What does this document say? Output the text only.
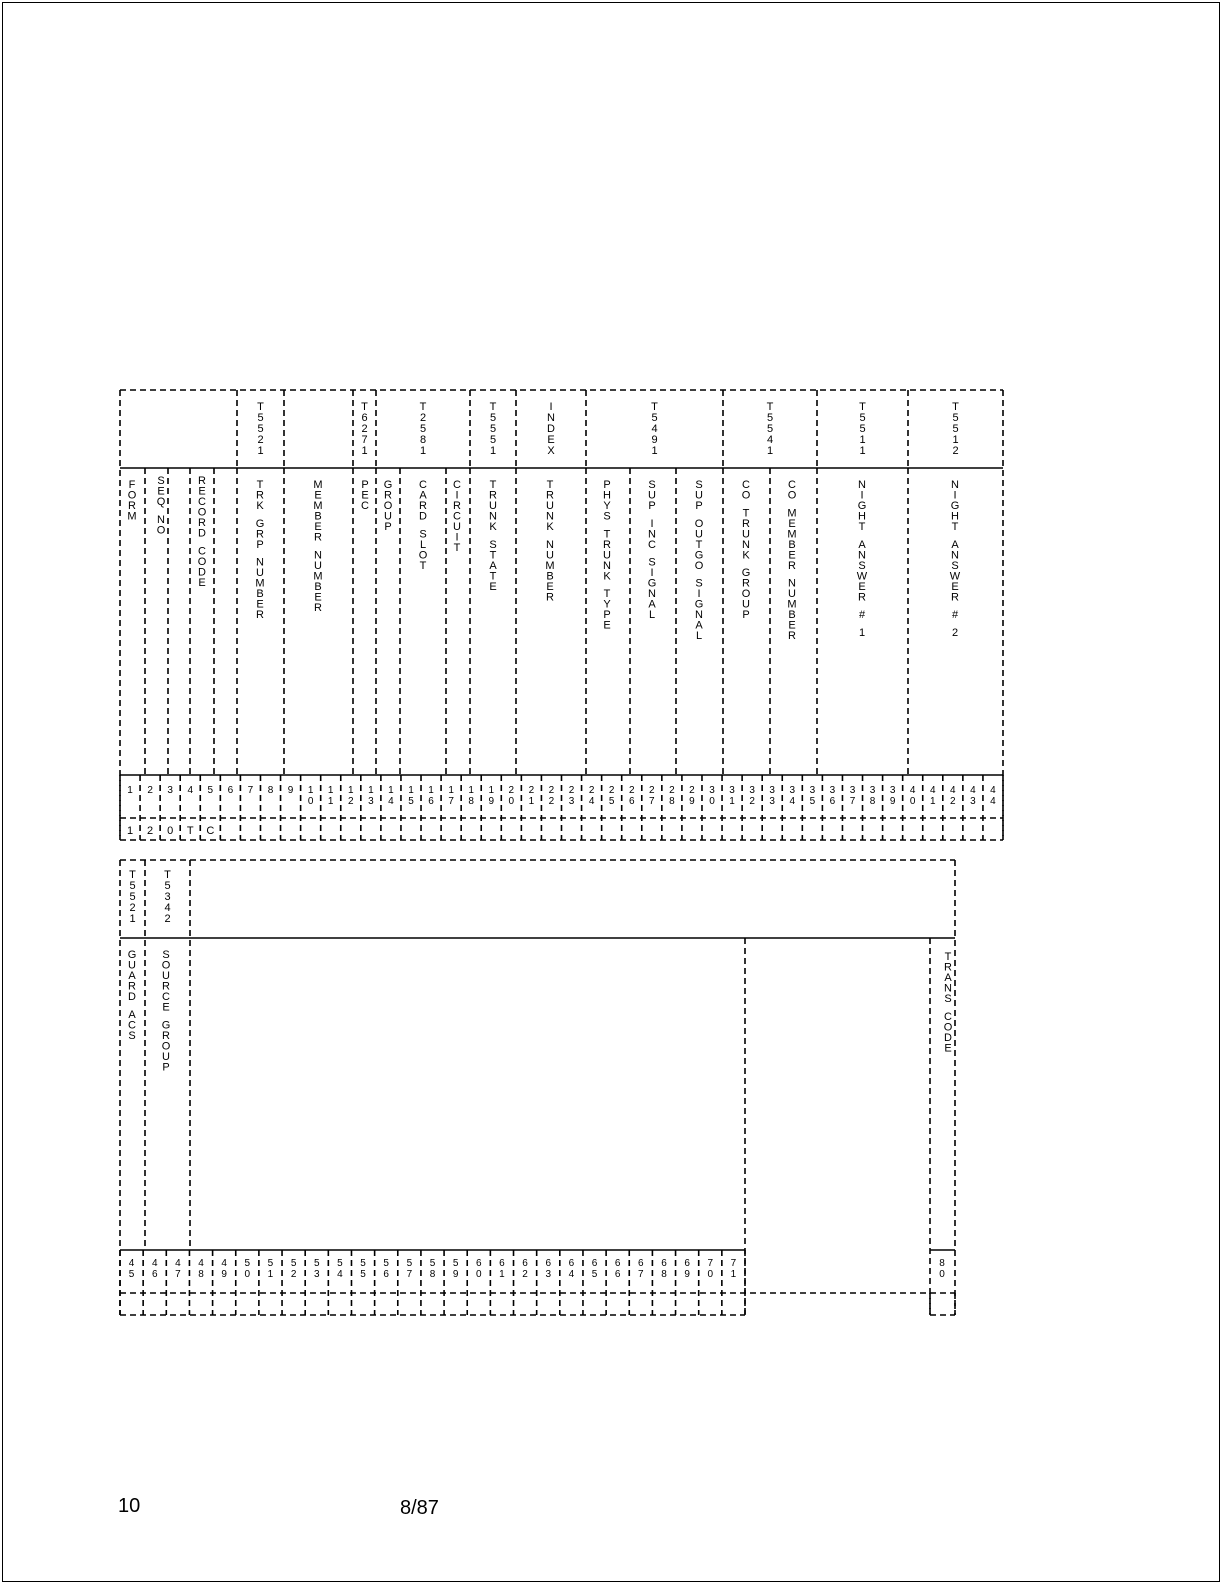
T 5 5 2 1
T 6 2 7 1
T 2 5 8 1
T 5 5 5 1
I N D E X
T 5 4 9 1
T 5 5 4 1
T 5 5 1 1
T 5 5 1 2
F O R M
S E Q N O
R E C O R D C O D E
T R K G R P N U M B E R
M E M B E R N U M B E R
P E C
G R O U P
C A R D S L O T
C I R C U I T
T R U N K S T A T E
T R U N K N U M B E R
P H Y S T R U N K T Y P E
S U P I N C S I G N A L
S U P O U T G O S I G N A L
C O T R U N K G R O U P
C O M E M B E R N U M B E R
N I G H T A N S W E R # 1
N I G H T A N S W E R # 2
1 2 3 4 5 6 7 8 9 1 0
1 1
1 2
1 3
1 4
1 5
1 6
1 7
1 8
1 9
2 0
2 1
2 2
2 3
2 4
2 5
2 6
2 7
2 8
2 9
3 0
3 1
3 2
3 3
3 4
3 5
3 6
3 7
3 8
3 9
4 0
4 1
4 2
4 3
4 4
1 2 0 T C
T 5 5 2 1
T 5 3 4 2
G U A R D A C S
S O U R C E G R O U P
T R A N S C O D E
4 5
4 6
4 7
4 8
4 9
5 0
5 1
5 2
5 3
5 4
5 5
5 6
5 7
5 8
5 9
6 0
6 1
6 2
6 3
6 4
6 5
6 6
6 7
6 8
6 9
7 0
7 1
8 0
10	8/87
